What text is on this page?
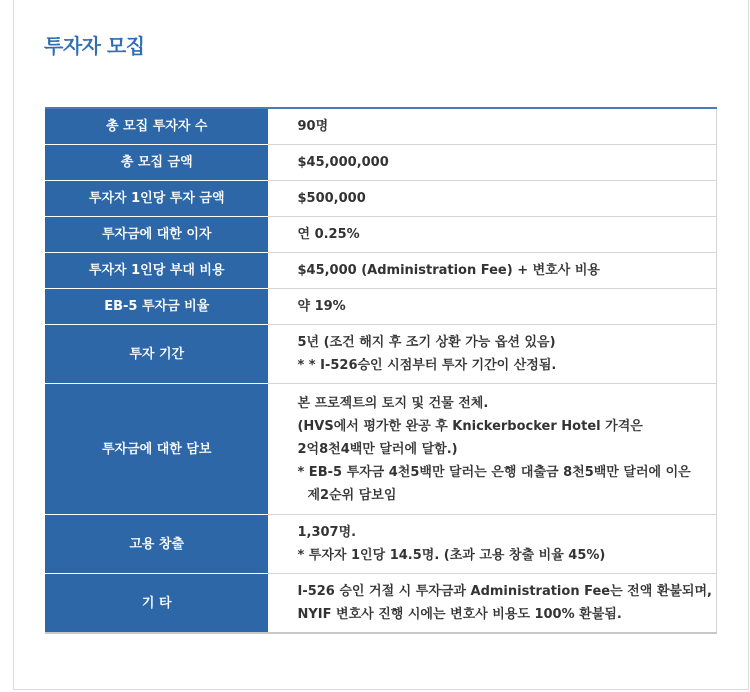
투자자 모집
총 모집 투자자 수	90명

총 모집 금액	$45,000,000

투자자 1인당 투자 금액	$500,000

투자금에 대한 이자	연 0.25%

투자자 1인당 부대 비용	$45,000 (Administration Fee) + 변호사 비용

EB-5 투자금 비율	약 19%

투자 기간	5년 (조건 해지 후 조기 상환 가능 옵션 있음)
* * I-526승인 시점부터 투자 기간이 산정됨.

투자금에 대한 담보	본 프로젝트의 토지 및 건물 전체.
(HVS에서 평가한 완공 후 Knickerbocker Hotel 가격은
2억8천4백만 달러에 달함.)
* EB-5 투자금 4천5백만 달러는 은행 대출금 8천5백만 달러에 이은
제2순위 담보임

고용 창출	1,307명.
* 투자자 1인당 14.5명. (초과 고용 창출 비율 45%)

기 타	I-526 승인 거절 시 투자금과 Administration Fee는 전액 환불되며,
NYIF 변호사 진행 시에는 변호사 비용도 100% 환불됨.
